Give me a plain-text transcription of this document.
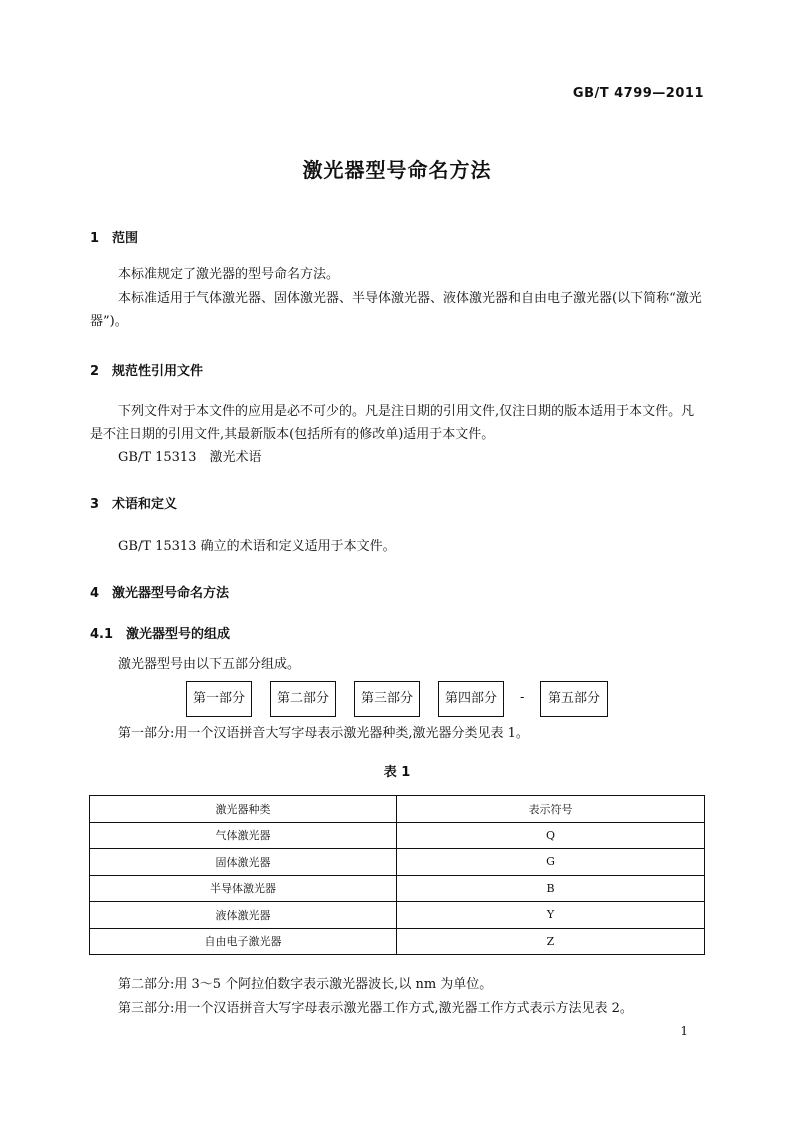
GB/T 4799—2011
激光器型号命名方法
1 范围
本标准规定了激光器的型号命名方法。
本标准适用于气体激光器、固体激光器、半导体激光器、液体激光器和自由电子激光器(以下简称“激光器”)。
2 规范性引用文件
下列文件对于本文件的应用是必不可少的。凡是注日期的引用文件,仅注日期的版本适用于本文件。凡是不注日期的引用文件,其最新版本(包括所有的修改单)适用于本文件。
GB/T 15313　激光术语
3 术语和定义
GB/T 15313 确立的术语和定义适用于本文件。
4 激光器型号命名方法
4.1 激光器型号的组成
激光器型号由以下五部分组成。
第一部分	第二部分	第三部分	第四部分	-	第五部分
第一部分:用一个汉语拼音大写字母表示激光器种类,激光器分类见表 1。
表 1
激光器种类	表示符号
气体激光器	Q
固体激光器	G
半导体激光器	B
液体激光器	Y
自由电子激光器	Z
第二部分:用 3～5 个阿拉伯数字表示激光器波长,以 nm 为单位。
第三部分:用一个汉语拼音大写字母表示激光器工作方式,激光器工作方式表示方法见表 2。
1
